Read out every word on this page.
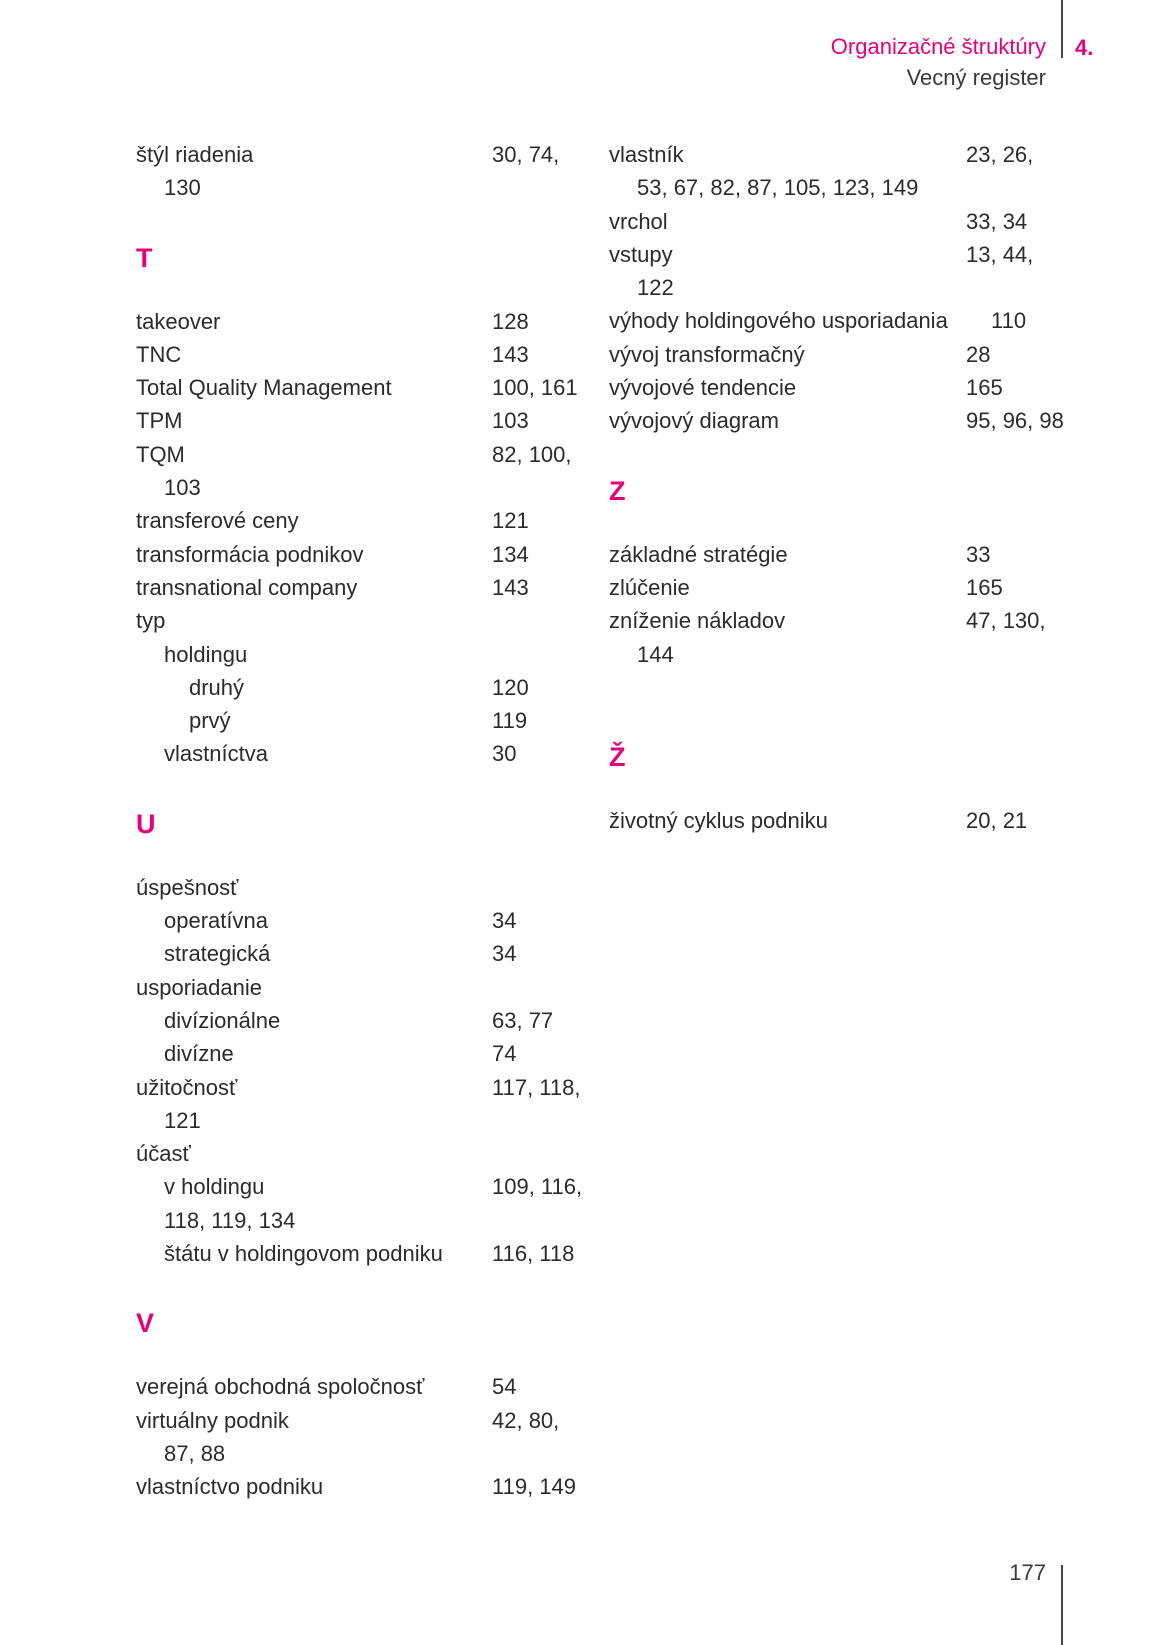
Organizačné štruktúry
Vecný register
4.
štýl riadenia	30, 74,
130
T
takeover	128
TNC	143
Total Quality Management	100, 161
TPM	103
TQM	82, 100,
103
transferové ceny	121
transformácia podnikov	134
transnational company	143
typ
holdingu
druhý	120
prvý	119
vlastníctva	30
U
úspešnosť
operatívna	34
strategická	34
usporiadanie
divízionálne	63, 77
divízne	74
užitočnosť	117, 118,
121
účasť
v holdingu	109, 116,
118, 119, 134
štátu v holdingovom podniku 116, 118
V
verejná obchodná spoločnosť	54
virtuálny podnik	42, 80,
87, 88
vlastníctvo podniku	119, 149
vlastník	23, 26,
53, 67, 82, 87, 105, 123, 149
vrchol	33, 34
vstupy	13, 44,
122
výhody holdingového usporiadania 110
vývoj transformačný	28
vývojové tendencie	165
vývojový diagram	95, 96, 98
Z
základné stratégie	33
zlúčenie	165
zníženie nákladov	47, 130,
144
Ž
životný cyklus podniku	20, 21
177
